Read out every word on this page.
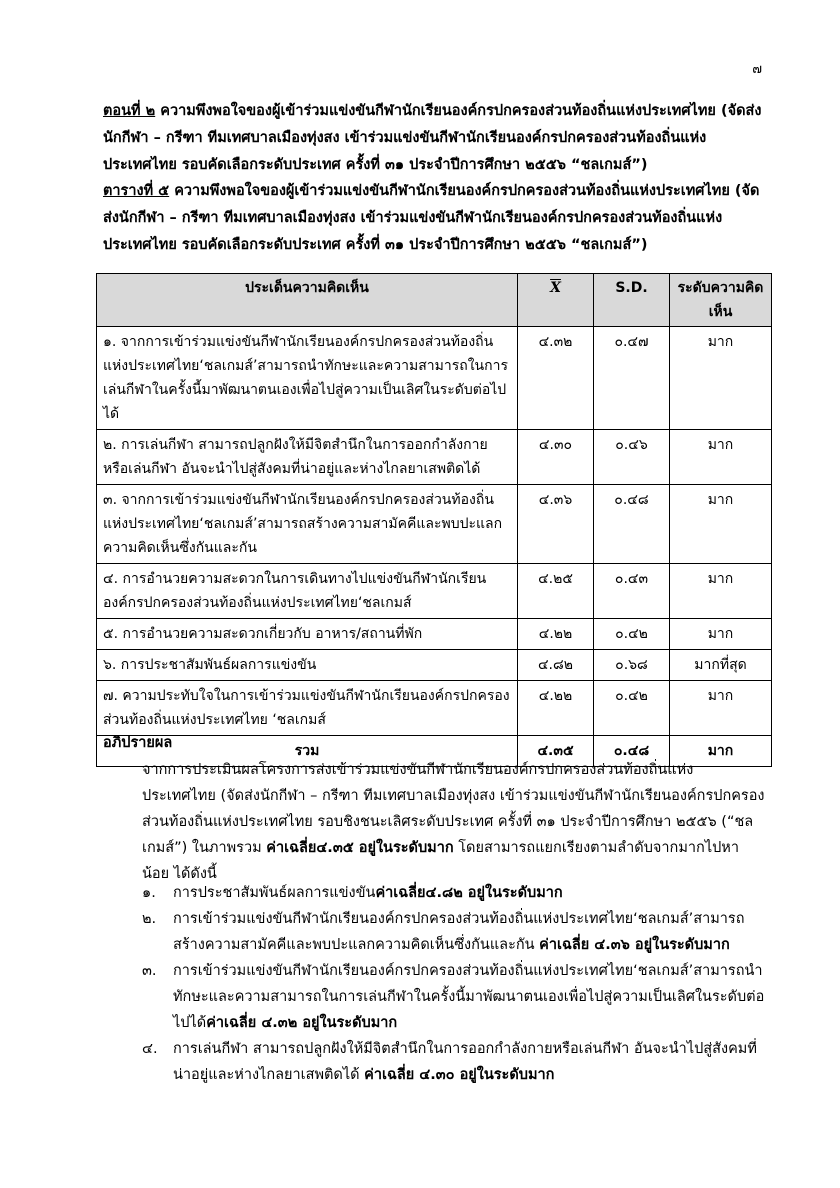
๗
ตอนที่ ๒ ความพึงพอใจของผู้เข้าร่วมแข่งขันกีฬานักเรียนองค์กรปกครองส่วนท้องถิ่นแห่งประเทศไทย (จัดส่งนักกีฬา – กรีฑา ทีมเทศบาลเมืองทุ่งสง เข้าร่วมแข่งขันกีฬานักเรียนองค์กรปกครองส่วนท้องถิ่นแห่งประเทศไทย รอบคัดเลือกระดับประเทศ ครั้งที่ ๓๑ ประจำปีการศึกษา ๒๕๕๖ “ชลเกมส์”)
ตารางที่ ๕ ความพึงพอใจของผู้เข้าร่วมแข่งขันกีฬานักเรียนองค์กรปกครองส่วนท้องถิ่นแห่งประเทศไทย (จัดส่งนักกีฬา – กรีฑา ทีมเทศบาลเมืองทุ่งสง เข้าร่วมแข่งขันกีฬานักเรียนองค์กรปกครองส่วนท้องถิ่นแห่งประเทศไทย รอบคัดเลือกระดับประเทศ ครั้งที่ ๓๑ ประจำปีการศึกษา ๒๕๕๖ “ชลเกมส์”)
ประเด็นความคิดเห็น	$\overline{X}$	S.D.	ระดับความคิดเห็น
๑. จากการเข้าร่วมแข่งขันกีฬานักเรียนองค์กรปกครองส่วนท้องถิ่นแห่งประเทศไทย‘ชลเกมส์’สามารถนำทักษะและความสามารถในการเล่นกีฬาในครั้งนี้มาพัฒนาตนเองเพื่อไปสู่ความเป็นเลิศในระดับต่อไปได้	๔.๓๒	๐.๔๗	มาก
๒. การเล่นกีฬา สามารถปลูกฝังให้มีจิตสำนึกในการออกกำลังกายหรือเล่นกีฬา อันจะนำไปสู่สังคมที่น่าอยู่และห่างไกลยาเสพติดได้	๔.๓๐	๐.๔๖	มาก
๓. จากการเข้าร่วมแข่งขันกีฬานักเรียนองค์กรปกครองส่วนท้องถิ่นแห่งประเทศไทย‘ชลเกมส์’สามารถสร้างความสามัคคีและพบปะแลกความคิดเห็นซึ่งกันและกัน	๔.๓๖	๐.๔๘	มาก
๔. การอำนวยความสะดวกในการเดินทางไปแข่งขันกีฬานักเรียนองค์กรปกครองส่วนท้องถิ่นแห่งประเทศไทย‘ชลเกมส์	๔.๒๕	๐.๔๓	มาก
๕. การอำนวยความสะดวกเกี่ยวกับ อาหาร/สถานที่พัก	๔.๒๒	๐.๔๒	มาก
๖. การประชาสัมพันธ์ผลการแข่งขัน	๔.๘๒	๐.๖๘	มากที่สุด
๗. ความประทับใจในการเข้าร่วมแข่งขันกีฬานักเรียนองค์กรปกครองส่วนท้องถิ่นแห่งประเทศไทย ‘ชลเกมส์	๔.๒๒	๐.๔๒	มาก
รวม	๔.๓๕	๐.๔๘	มาก
อภิปรายผล

จากการประเมินผลโครงการส่งเข้าร่วมแข่งขันกีฬานักเรียนองค์กรปกครองส่วนท้องถิ่นแห่งประเทศไทย (จัดส่งนักกีฬา – กรีฑา ทีมเทศบาลเมืองทุ่งสง เข้าร่วมแข่งขันกีฬานักเรียนองค์กรปกครองส่วนท้องถิ่นแห่งประเทศไทย รอบชิงชนะเลิศระดับประเทศ ครั้งที่ ๓๑ ประจำปีการศึกษา ๒๕๕๖ (“ชลเกมส์”) ในภาพรวม ค่าเฉลี่ย๔.๓๕ อยู่ในระดับมาก โดยสามารถแยกเรียงตามลำดับจากมากไปหาน้อย ได้ดังนี้

๑.	การประชาสัมพันธ์ผลการแข่งขันค่าเฉลี่ย๔.๘๒ อยู่ในระดับมาก
๒.	การเข้าร่วมแข่งขันกีฬานักเรียนองค์กรปกครองส่วนท้องถิ่นแห่งประเทศไทย‘ชลเกมส์’สามารถสร้างความสามัคคีและพบปะแลกความคิดเห็นซึ่งกันและกัน ค่าเฉลี่ย ๔.๓๖ อยู่ในระดับมาก
๓.	การเข้าร่วมแข่งขันกีฬานักเรียนองค์กรปกครองส่วนท้องถิ่นแห่งประเทศไทย‘ชลเกมส์’สามารถนำทักษะและความสามารถในการเล่นกีฬาในครั้งนี้มาพัฒนาตนเองเพื่อไปสู่ความเป็นเลิศในระดับต่อไปได้ค่าเฉลี่ย ๔.๓๒ อยู่ในระดับมาก
๔.	การเล่นกีฬา สามารถปลูกฝังให้มีจิตสำนึกในการออกกำลังกายหรือเล่นกีฬา อันจะนำไปสู่สังคมที่น่าอยู่และห่างไกลยาเสพติดได้ ค่าเฉลี่ย ๔.๓๐ อยู่ในระดับมาก
